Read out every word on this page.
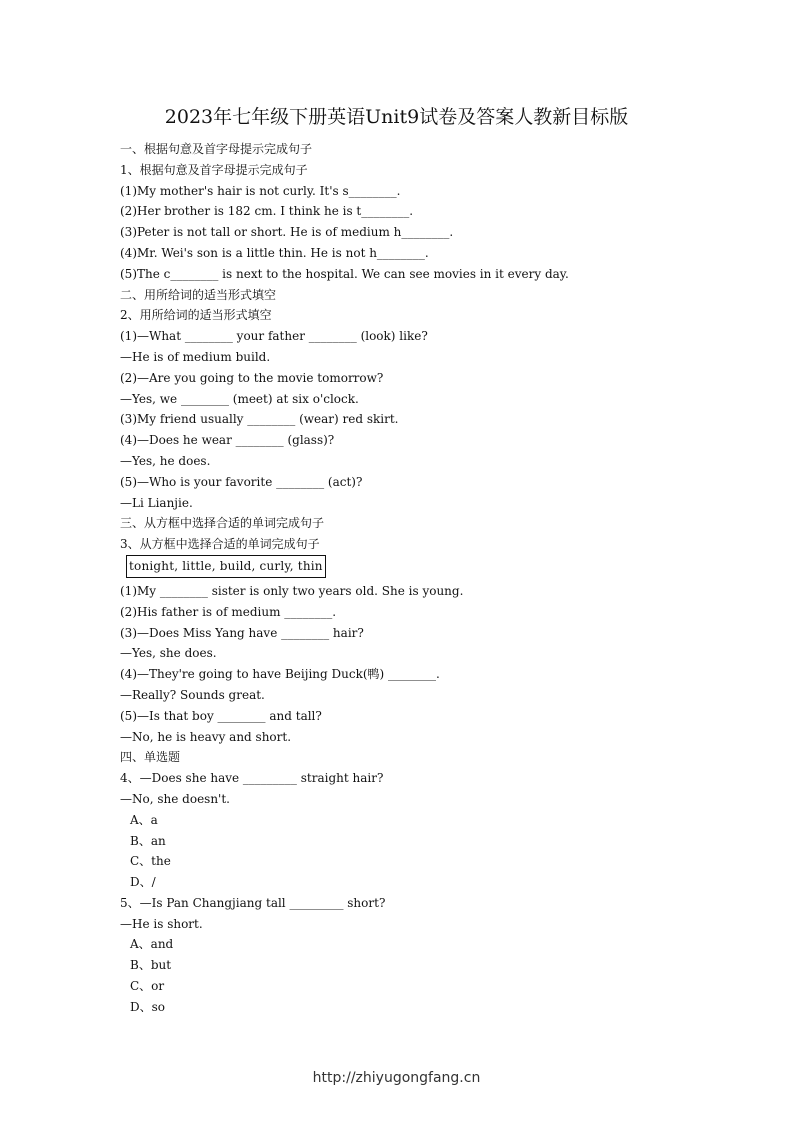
2023年七年级下册英语Unit9试卷及答案人教新目标版
一、根据句意及首字母提示完成句子
1、根据句意及首字母提示完成句子
(1)My mother's hair is not curly. It's s________.
(2)Her brother is 182 cm. I think he is t________.
(3)Peter is not tall or short. He is of medium h________.
(4)Mr. Wei's son is a little thin. He is not h________.
(5)The c________ is next to the hospital. We can see movies in it every day.
二、用所给词的适当形式填空
2、用所给词的适当形式填空
(1)—What ________ your father ________ (look) like?
—He is of medium build.
(2)—Are you going to the movie tomorrow?
—Yes, we ________ (meet) at six o'clock.
(3)My friend usually ________ (wear) red skirt.
(4)—Does he wear ________ (glass)?
—Yes, he does.
(5)—Who is your favorite ________ (act)?
—Li Lianjie.
三、从方框中选择合适的单词完成句子
3、从方框中选择合适的单词完成句子
tonight, little, build, curly, thin
(1)My ________ sister is only two years old. She is young.
(2)His father is of medium ________.
(3)—Does Miss Yang have ________ hair?
—Yes, she does.
(4)—They're going to have Beijing Duck(鸭) ________.
—Really? Sounds great.
(5)—Is that boy ________ and tall?
—No, he is heavy and short.
四、单选题
4、—Does she have _________ straight hair?
—No, she doesn't.
A、a
B、an
C、the
D、/
5、—Is Pan Changjiang tall _________ short?
—He is short.
A、and
B、but
C、or
D、so
http://zhiyugongfang.cn
